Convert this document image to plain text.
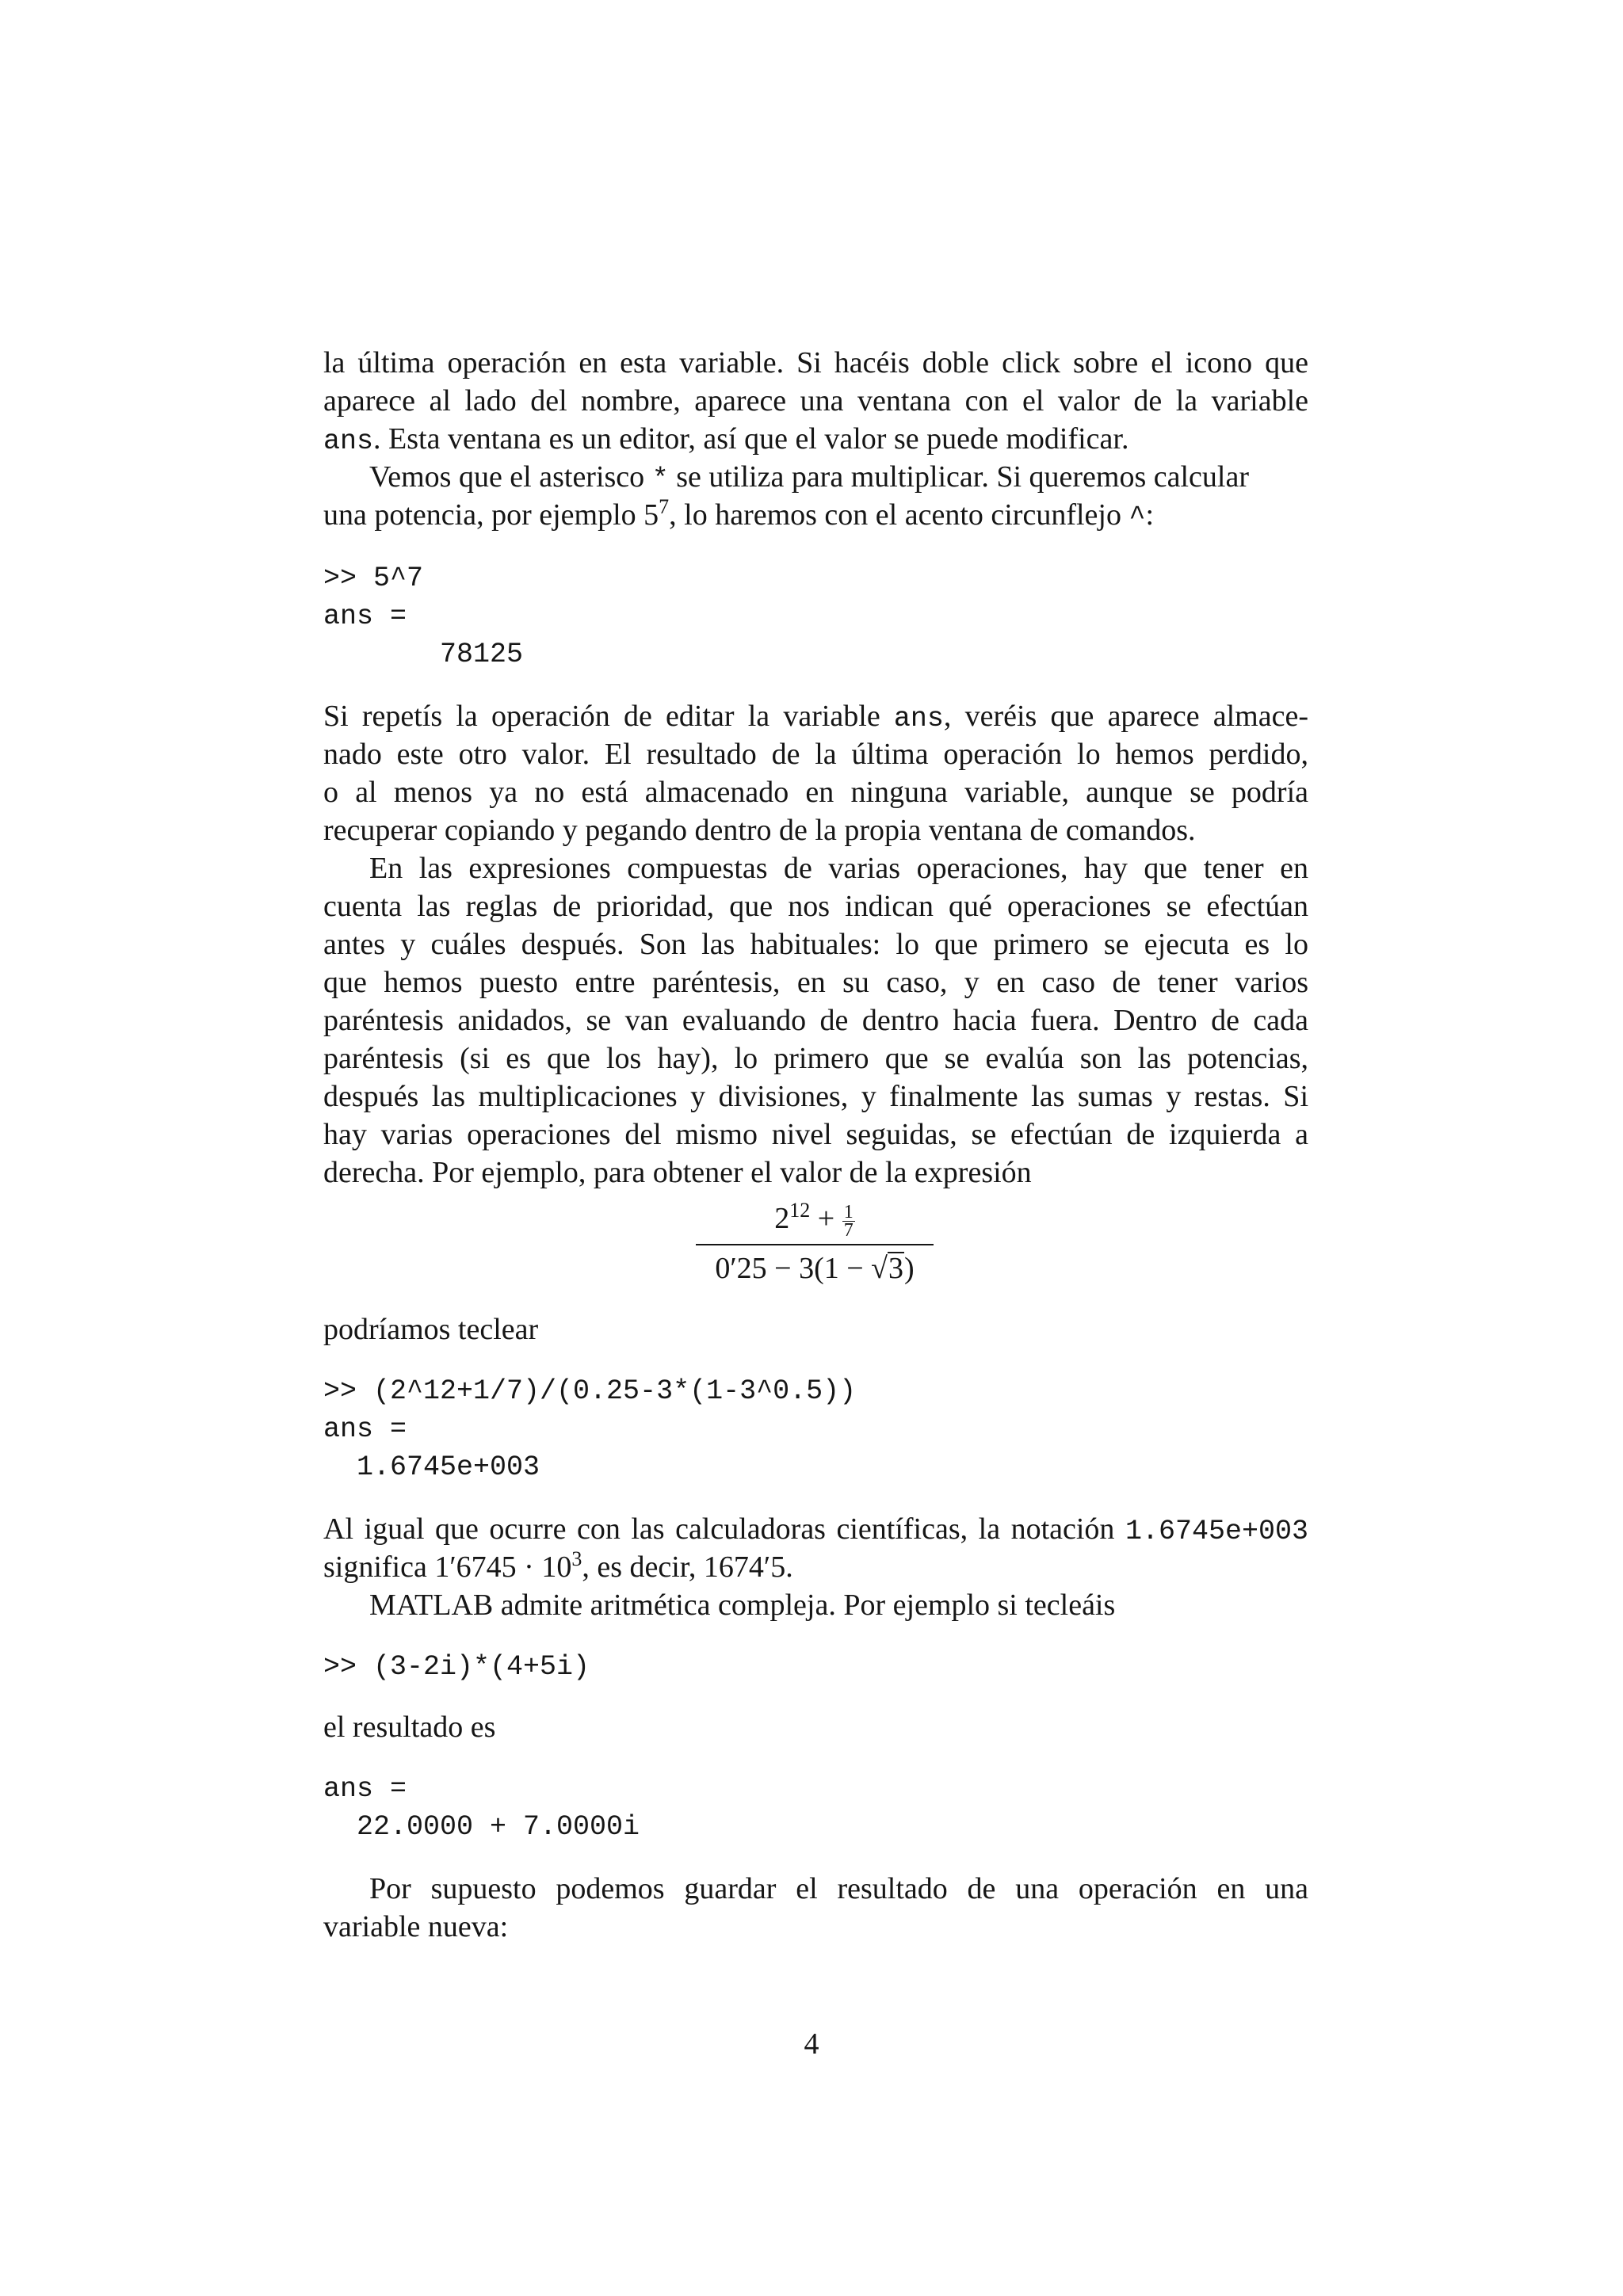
la última operación en esta variable. Si hacéis doble click sobre el icono que
aparece al lado del nombre, aparece una ventana con el valor de la variable
ans. Esta ventana es un editor, así que el valor se puede modificar.
Vemos que el asterisco * se utiliza para multiplicar. Si queremos calcular
una potencia, por ejemplo $5^7$, lo haremos con el acento circunflejo ^:
>> 5^7
ans =
78125
Si repetís la operación de editar la variable ans, veréis que aparece almace-
nado este otro valor. El resultado de la última operación lo hemos perdido,
o al menos ya no está almacenado en ninguna variable, aunque se podría
recuperar copiando y pegando dentro de la propia ventana de comandos.
En las expresiones compuestas de varias operaciones, hay que tener en
cuenta las reglas de prioridad, que nos indican qué operaciones se efectúan
antes y cuáles después. Son las habituales: lo que primero se ejecuta es lo
que hemos puesto entre paréntesis, en su caso, y en caso de tener varios
paréntesis anidados, se van evaluando de dentro hacia fuera. Dentro de cada
paréntesis (si es que los hay), lo primero que se evalúa son las potencias,
después las multiplicaciones y divisiones, y finalmente las sumas y restas. Si
hay varias operaciones del mismo nivel seguidas, se efectúan de izquierda a
derecha. Por ejemplo, para obtener el valor de la expresión
$2^{12} + \frac{1}{7}$
0′25 − 3(1 − √3)
podríamos teclear
>> (2^12+1/7)/(0.25-3*(1-3^0.5))
ans =
1.6745e+003
Al igual que ocurre con las calculadoras científicas, la notación 1.6745e+003
significa $1'6745 \cdot 10^3$, es decir, 1674′5.
MATLAB admite aritmética compleja. Por ejemplo si tecleáis
>> (3-2i)*(4+5i)
el resultado es
ans =
22.0000 + 7.0000i
Por supuesto podemos guardar el resultado de una operación en una
variable nueva:
4
